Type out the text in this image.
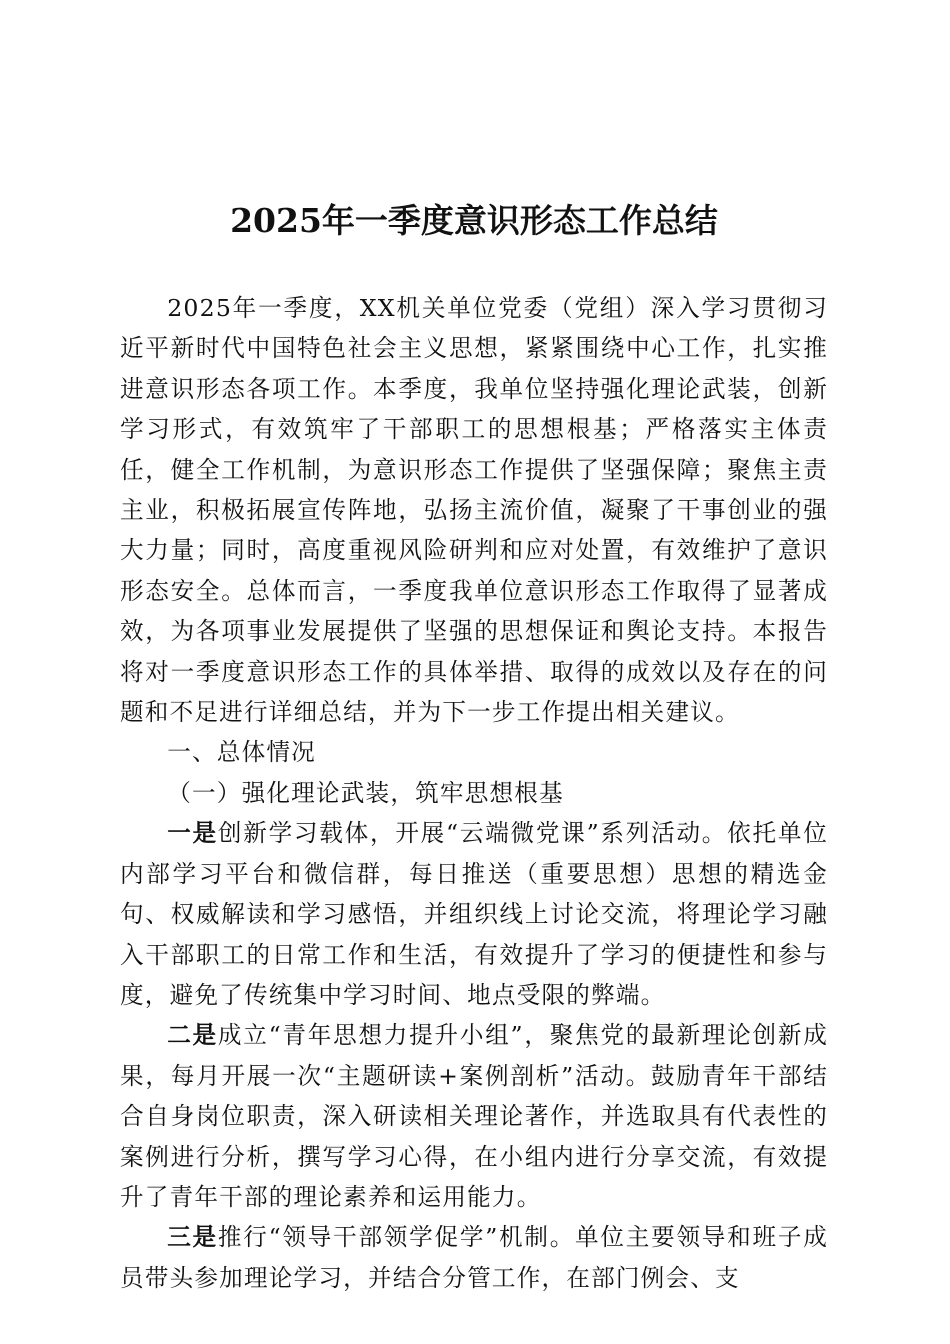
2025年一季度意识形态工作总结

2025年一季度，XX机关单位党委（党组）深入学习贯彻习近平新时代中国特色社会主义思想，紧紧围绕中心工作，扎实推进意识形态各项工作。本季度，我单位坚持强化理论武装，创新学习形式，有效筑牢了干部职工的思想根基；严格落实主体责任，健全工作机制，为意识形态工作提供了坚强保障；聚焦主责主业，积极拓展宣传阵地，弘扬主流价值，凝聚了干事创业的强大力量；同时，高度重视风险研判和应对处置，有效维护了意识形态安全。总体而言，一季度我单位意识形态工作取得了显著成效，为各项事业发展提供了坚强的思想保证和舆论支持。本报告将对一季度意识形态工作的具体举措、取得的成效以及存在的问题和不足进行详细总结，并为下一步工作提出相关建议。

一、总体情况

（一）强化理论武装，筑牢思想根基

一是创新学习载体，开展“云端微党课”系列活动。依托单位内部学习平台和微信群，每日推送（重要思想）思想的精选金句、权威解读和学习感悟，并组织线上讨论交流，将理论学习融入干部职工的日常工作和生活，有效提升了学习的便捷性和参与度，避免了传统集中学习时间、地点受限的弊端。

二是成立“青年思想力提升小组”，聚焦党的最新理论创新成果，每月开展一次“主题研读+案例剖析”活动。鼓励青年干部结合自身岗位职责，深入研读相关理论著作，并选取具有代表性的案例进行分析，撰写学习心得，在小组内进行分享交流，有效提升了青年干部的理论素养和运用能力。

三是推行“领导干部领学促学”机制。单位主要领导和班子成员带头参加理论学习，并结合分管工作，在部门例会、支
